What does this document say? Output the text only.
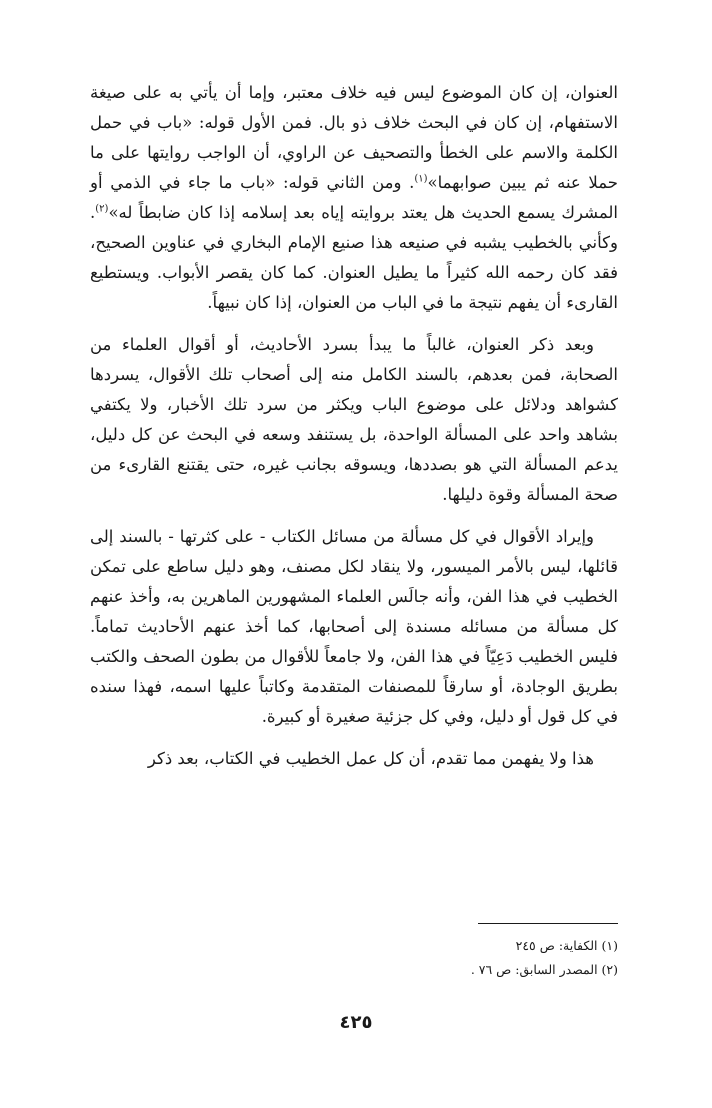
العنوان، إن كان الموضوع ليس فيه خلاف معتبر، وإما أن يأتي به على صيغة الاستفهام، إن كان في البحث خلاف ذو بال. فمن الأول قوله: «باب في حمل الكلمة والاسم على الخطأ والتصحيف عن الراوي، أن الواجب روايتها على ما حملا عنه ثم يبين صوابهما»$^{(١)}$. ومن الثاني قوله: «باب ما جاء في الذمي أو المشرك يسمع الحديث هل يعتد بروايته إياه بعد إسلامه إذا كان ضابطاً له»$^{(٢)}$. وكأني بالخطيب يشبه في صنيعه هذا صنيع الإمام البخاري في عناوين الصحيح، فقد كان رحمه الله كثيراً ما يطيل العنوان. كما كان يقصر الأبواب. ويستطيع القارىء أن يفهم نتيجة ما في الباب من العنوان، إذا كان نبيهاً.

وبعد ذكر العنوان، غالباً ما يبدأ بسرد الأحاديث، أو أقوال العلماء من الصحابة، فمن بعدهم، بالسند الكامل منه إلى أصحاب تلك الأقوال، يسردها كشواهد ودلائل على موضوع الباب ويكثر من سرد تلك الأخبار، ولا يكتفي بشاهد واحد على المسألة الواحدة، بل يستنفد وسعه في البحث عن كل دليل، يدعم المسألة التي هو بصددها، ويسوقه بجانب غيره، حتى يقتنع القارىء من صحة المسألة وقوة دليلها.

وإيراد الأقوال في كل مسألة من مسائل الكتاب - على كثرتها - بالسند إلى قائلها، ليس بالأمر الميسور، ولا ينقاد لكل مصنف، وهو دليل ساطع على تمكن الخطيب في هذا الفن، وأنه جالَس العلماء المشهورين الماهرين به، وأخذ عنهم كل مسألة من مسائله مسندة إلى أصحابها، كما أخذ عنهم الأحاديث تماماً. فليس الخطيب دَعِيّاً في هذا الفن، ولا جامعاً للأقوال من بطون الصحف والكتب بطريق الوجادة، أو سارقاً للمصنفات المتقدمة وكاتباً عليها اسمه، فهذا سنده في كل قول أو دليل، وفي كل جزئية صغيرة أو كبيرة.

هذا ولا يفهمن مما تقدم، أن كل عمل الخطيب في الكتاب، بعد ذكر

(١) الكفاية: ص ٢٤٥
(٢) المصدر السابق: ص ٧٦ .
٤٢٥
